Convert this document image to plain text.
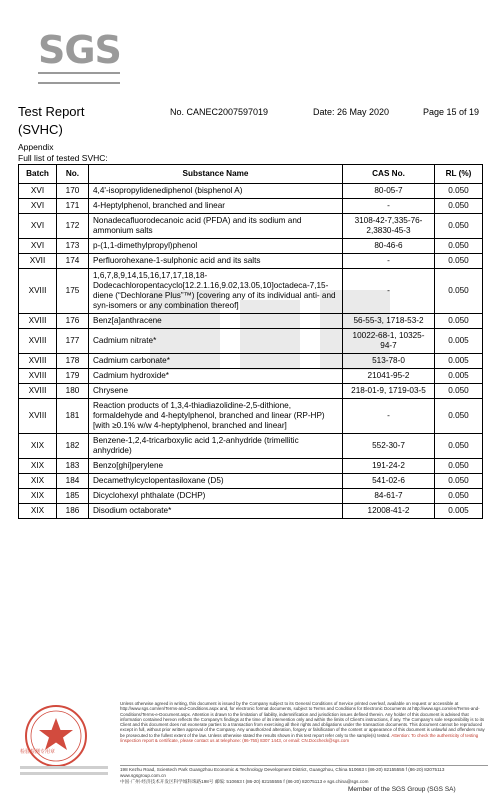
SGS
Test Report
(SVHC)
No. CANEC2007597019	Date: 26 May 2020	Page 15 of 19
Appendix
Full list of tested SVHC:
Batch	No.	Substance Name	CAS No.	RL (%)
XVI	170	4,4'-isopropylidenediphenol (bisphenol A)	80-05-7	0.050
XVI	171	4-Heptylphenol, branched and linear	-	0.050
XVI	172	Nonadecafluorodecanoic acid (PFDA) and its sodium and ammonium salts	3108-42-7,335-76-2,3830-45-3	0.050
XVI	173	p-(1,1-dimethylpropyl)phenol	80-46-6	0.050
XVII	174	Perfluorohexane-1-sulphonic acid and its salts	-	0.050
XVIII	175	1,6,7,8,9,14,15,16,17,17,18,18-Dodecachloropentacyclo[12.2.1.16,9.02,13.05,10]octadeca-7,15-diene (“Dechlorane Plus”™) [covering any of its individual anti- and syn-isomers or any combination thereof]	-	0.050
XVIII	176	Benz[a]anthracene	56-55-3, 1718-53-2	0.050
XVIII	177	Cadmium nitrate*	10022-68-1, 10325-94-7	0.005
XVIII	178	Cadmium carbonate*	513-78-0	0.005
XVIII	179	Cadmium hydroxide*	21041-95-2	0.005
XVIII	180	Chrysene	218-01-9, 1719-03-5	0.050
XVIII	181	Reaction products of 1,3,4-thiadiazolidine-2,5-dithione, formaldehyde and 4-heptylphenol, branched and linear (RP-HP) [with ≥0.1% w/w 4-heptylphenol, branched and linear]	-	0.050
XIX	182	Benzene-1,2,4-tricarboxylic acid 1,2-anhydride (trimellitic anhydride)	552-30-7	0.050
XIX	183	Benzo[ghi]perylene	191-24-2	0.050
XIX	184	Decamethylcyclopentasiloxane (D5)	541-02-6	0.050
XIX	185	Dicyclohexyl phthalate (DCHP)	84-61-7	0.050
XIX	186	Disodium octaborate*	12008-41-2	0.005
检验检测专用章
Unless otherwise agreed in writing, this document is issued by the Company subject to its General Conditions of Service printed overleaf, available on request or accessible at http://www.sgs.com/en/Terms-and-Conditions.aspx and, for electronic format documents, subject to Terms and Conditions for Electronic Documents at http://www.sgs.com/en/Terms-and-Conditions/Terms-e-Document.aspx. Attention is drawn to the limitation of liability, indemnification and jurisdiction issues defined therein. Any holder of this document is advised that information contained hereon reflects the Company's findings at the time of its intervention only and within the limits of Client's instructions, if any. The Company's sole responsibility is to its Client and this document does not exonerate parties to a transaction from exercising all their rights and obligations under the transaction documents. This document cannot be reproduced except in full, without prior written approval of the Company. Any unauthorized alteration, forgery or falsification of the content or appearance of this document is unlawful and offenders may be prosecuted to the fullest extent of the law. Unless otherwise stated the results shown in this test report refer only to the sample(s) tested. Attention: To check the authenticity of testing /inspection report & certificate, please contact us at telephone: (86-755) 8307 1443, or email: CN.Doccheck@sgs.com
198 Kezhu Road, Scientech Park Guangzhou Economic & Technology Development District, Guangzhou, China 510663 t (86-20) 82155555 f (86-20) 82075113 www.sgsgroup.com.cn
中国·广州·经济技术开发区科学城科珠路198号 邮编: 510663 t (86-20) 82155555 f (86-20) 82075113 e sgs.china@sgs.com
Member of the SGS Group (SGS SA)
